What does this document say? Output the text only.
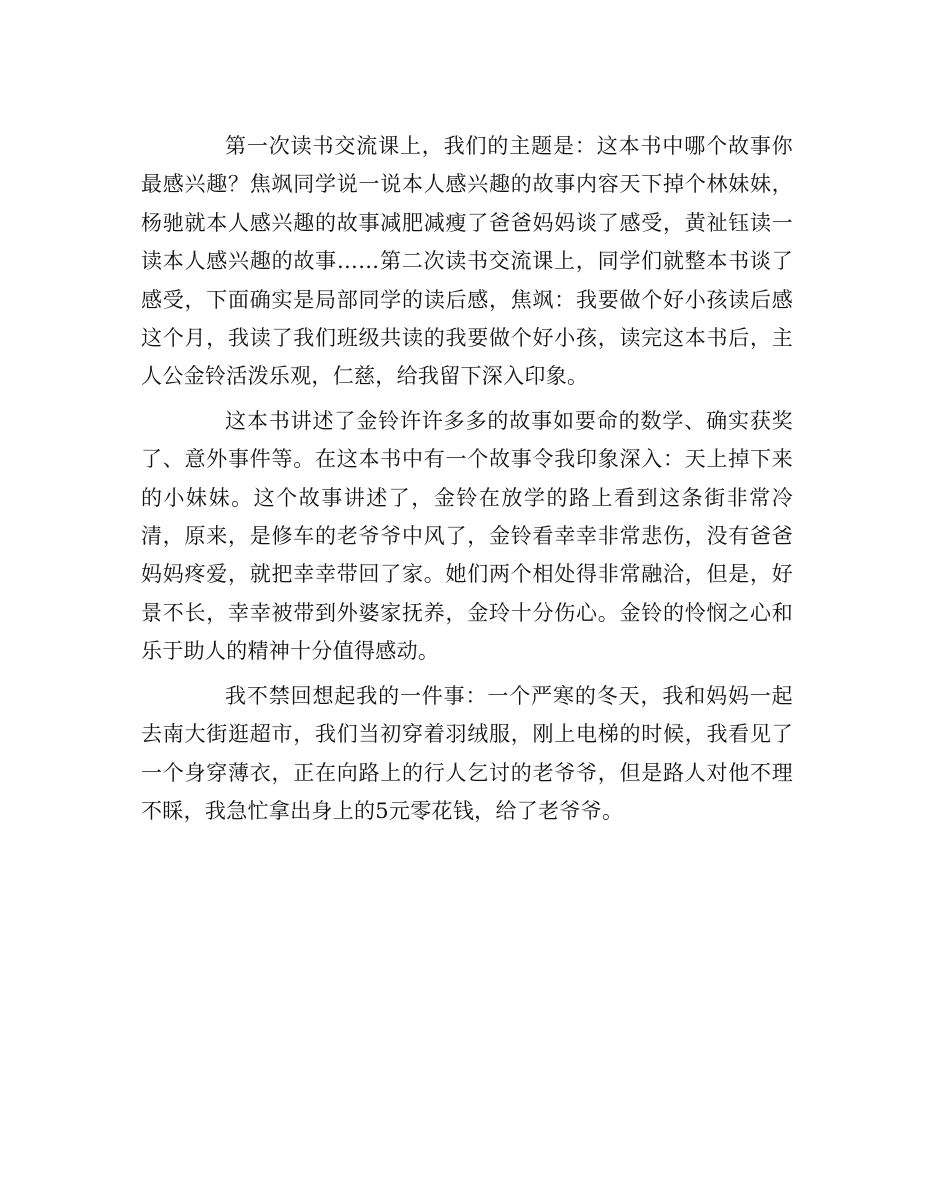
第一次读书交流课上，我们的主题是：这本书中哪个故事你
最感兴趣？焦飒同学说一说本人感兴趣的故事内容天下掉个林妹妹，
杨驰就本人感兴趣的故事减肥减瘦了爸爸妈妈谈了感受，黄祉钰读一
读本人感兴趣的故事……第二次读书交流课上，同学们就整本书谈了
感受，下面确实是局部同学的读后感，焦飒：我要做个好小孩读后感
这个月，我读了我们班级共读的我要做个好小孩，读完这本书后，主
人公金铃活泼乐观，仁慈，给我留下深入印象。

这本书讲述了金铃许许多多的故事如要命的数学、确实获奖
了、意外事件等。在这本书中有一个故事令我印象深入：天上掉下来
的小妹妹。这个故事讲述了，金铃在放学的路上看到这条街非常冷
清，原来，是修车的老爷爷中风了，金铃看幸幸非常悲伤，没有爸爸
妈妈疼爱，就把幸幸带回了家。她们两个相处得非常融洽，但是，好
景不长，幸幸被带到外婆家抚养，金玲十分伤心。金铃的怜悯之心和
乐于助人的精神十分值得感动。

我不禁回想起我的一件事：一个严寒的冬天，我和妈妈一起
去南大街逛超市，我们当初穿着羽绒服，刚上电梯的时候，我看见了
一个身穿薄衣，正在向路上的行人乞讨的老爷爷，但是路人对他不理
不睬，我急忙拿出身上的5元零花钱，给了老爷爷。
